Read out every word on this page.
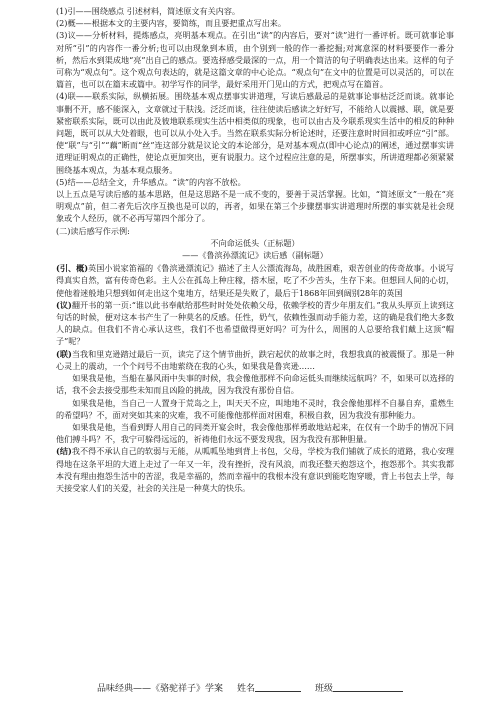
(1)引——围绕感点 引述材料，简述原文有关内容。

(2)概——根据本文的主要内容，要简练，而且要把重点写出来。

(3)议——分析材料，提炼感点，亮明基本观点。在引出“读”的内容后，要对“读”进行一番评析。既可就事论事对所“引”的内容作一番分析;也可以由现象到本质，由个别到一般的作一番挖掘;对寓意深的材料要要作一番分析，然后水到渠成地“亮”出自己的感点。要选择感受最深的一点，用一个简洁的句子明确表达出来。这样的句子可称为“观点句”。这个观点句表达的，就是这篇文章的中心论点。“观点句”在文中的位置是可以灵活的，可以在篇首，也可以在篇末或篇中。初学写作的同学，最好采用开门见山的方式，把观点写在篇首。

(4)联——联系实际，纵横拓展。围绕基本观点摆事实讲道理，写读后感最忌的是就事论事枯泛泛而谈。就事论事删不开，感不能深入，文章就过于肤浅。泛泛而谈，往往使读后感读之好好写，不能给人以震撼、联，就是要紧密联系实际，既可以由此及彼地联系现实生活中相类似的现象，也可以由古及今联系现实生活中的相反的种种问题，既可以从大处着眼，也可以从小处入手。当然在联系实际分析论述时，还要注意时时回扣或呼应“引”部。使“联”与“引”“藕”断而“丝”连这部分就是议论文的本论部分，是对基本观点(即中心论点)的阐述，通过摆事实讲道理证明观点的正确性，使论点更加突出，更有说服力。这个过程应注意的是，所摆事实，所讲道理都必须紧紧围绕基本观点，为基本观点服务。

(5)结——总结全文，升华感点。“读”的内容不放松。

以上五点是写读后感的基本思路，但是这思路不是一成不变的，要善于灵活掌握。比如，“简述原文”一般在“亮明观点”前，但二者先后次序互换也是可以的，再者，如果在第三个步骤摆事实讲道理时所摆的事实就是社会现象或个人经历，就不必再写第四个部分了。

(二)读后感写作示例:

不向命运低头（正标题）

——《鲁滨孙漂流记》读后感（副标题）

(引、概)英国小说家笛福的《鲁滨逊漂流记》描述了主人公漂流海岛，战胜困难，艰苦创业的传奇故事。小说写得真实自然，富有传奇色彩。主人公在孤岛上种庄稼，搭木屋，吃了不少苦头，生存下来。但想回人间的心切，使他着迷般地只想到如何走出这个鬼地方，结果还是失败了，最后于1868年回到阔别28年的英国

(议)翻开书的第一页:“谁以此书奉献给那些时时处处依赖父母，依赖学校的青少年朋友们。”我从头厚页上读到这句话的时候，便对这本书产生了一种莫名的反感。任性，奶气，依赖性强而动手能力差，这的确是我们绝大多数人的缺点。但我们不肯心承认这些，我们不也希望做得更好吗？可为什么，周围的人总要给我们戴上这顶“帽子”呢？

(联)当我和里克逊踏过最后一页，读完了这个情节曲折，跌宕起伏的故事之时，我想我真的被震慑了。那是一种心灵上的震动，一个个问号不由地萦绕在我的心头，如果我是鲁宾逊……

如果我是他，当船在暴风雨中失事的时候，我会像他那样不向命运低头而继续远航吗？不，如果可以选择的话，我不会去接受那些未知而且凶险的挑战，因为我没有那份自信。

如果我是他，当自己一人置身于荒岛之上，叫天天不应，叫地地不灵时，我会像他那样不自暴自弃，重燃生的希望吗？不，面对突如其来的灾难，我不可能像他那样面对困难，积极自救，因为我没有那种能力。

如果我是他，当看到野人用自己的同类开宴会时，我会像他那样勇敢地站起来，在仅有一个助手的情况下同他们搏斗吗？不，我宁可躲得远远的，祈祷他们永远不要发现我，因为我没有那种胆量。

(结)我不得不承认自己的软弱与无能，从呱呱坠地到背上书包，父母，学校为我们铺就了成长的道路，我心安理得地在这条平坦的大道上走过了一年又一年，没有挫折，没有风浪，而我还整天抱怨这个，抱怨那个。其实我都本没有理由抱怨生活中的苦涩，我是幸福的，然而幸福中的我根本没有意识到能吃饱穿暖，背上书包去上学，每天接受家人们的关爱，社会的关注是一种莫大的快乐。

品味经典——《骆驼祥子》学案 姓名	班级
